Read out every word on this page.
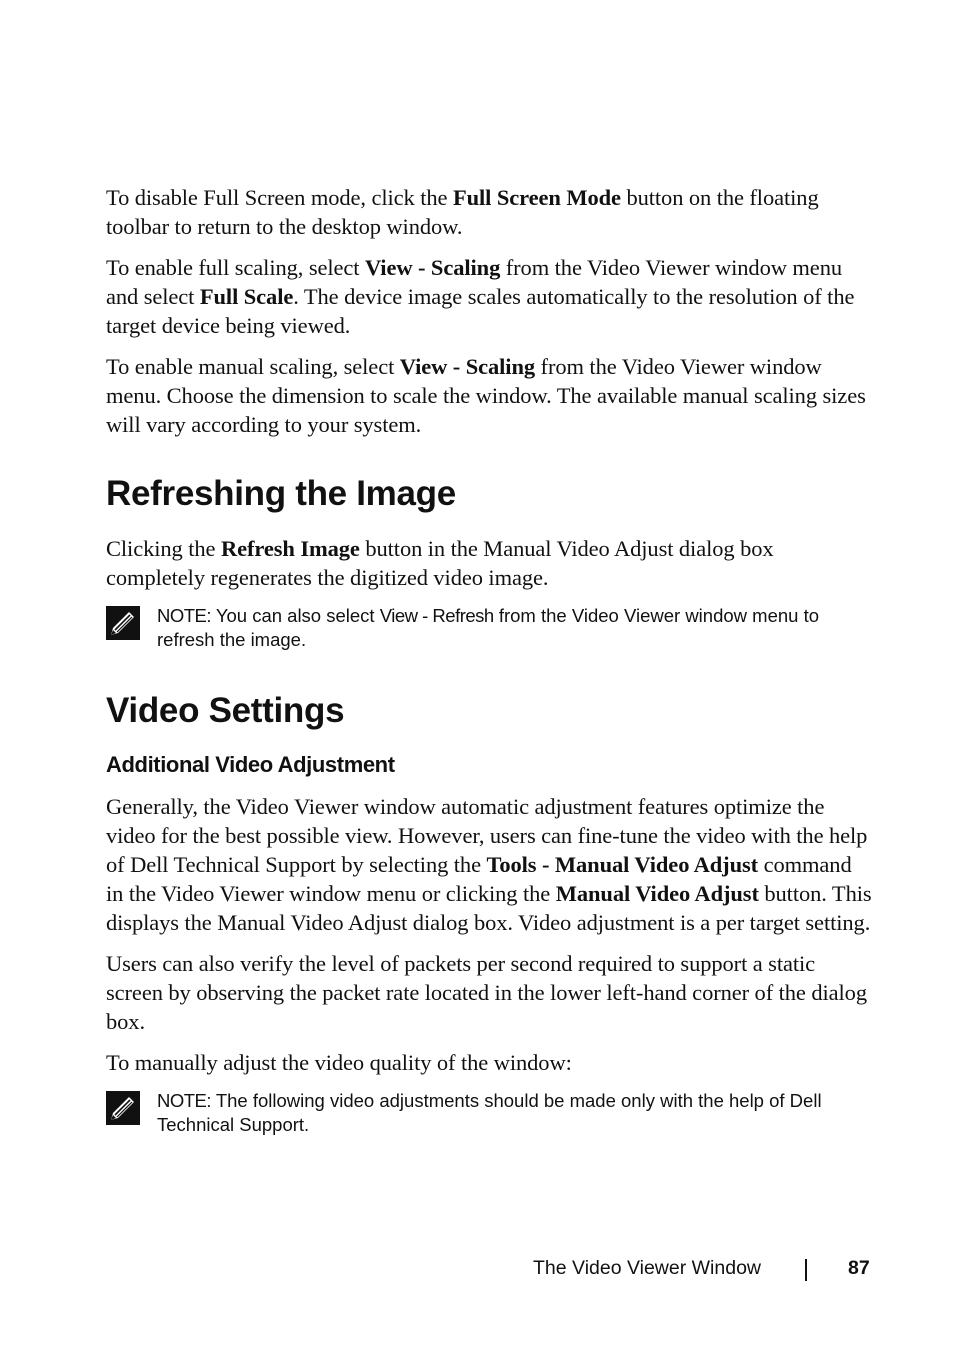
To disable Full Screen mode, click the Full Screen Mode button on the floating toolbar to return to the desktop window.

To enable full scaling, select View - Scaling from the Video Viewer window menu and select Full Scale. The device image scales automatically to the resolution of the target device being viewed.

To enable manual scaling, select View - Scaling from the Video Viewer window menu. Choose the dimension to scale the window. The available manual scaling sizes will vary according to your system.

Refreshing the Image

Clicking the Refresh Image button in the Manual Video Adjust dialog box completely regenerates the digitized video image.

NOTE: You can also select View - Refresh from the Video Viewer window menu to refresh the image.
Video Settings
Additional Video Adjustment

Generally, the Video Viewer window automatic adjustment features optimize the video for the best possible view. However, users can fine-tune the video with the help of Dell Technical Support by selecting the Tools - Manual Video Adjust command in the Video Viewer window menu or clicking the Manual Video Adjust button. This displays the Manual Video Adjust dialog box. Video adjustment is a per target setting.

Users can also verify the level of packets per second required to support a static screen by observing the packet rate located in the lower left-hand corner of the dialog box.

To manually adjust the video quality of the window:

NOTE: The following video adjustments should be made only with the help of Dell Technical Support.
The Video Viewer Window	87
